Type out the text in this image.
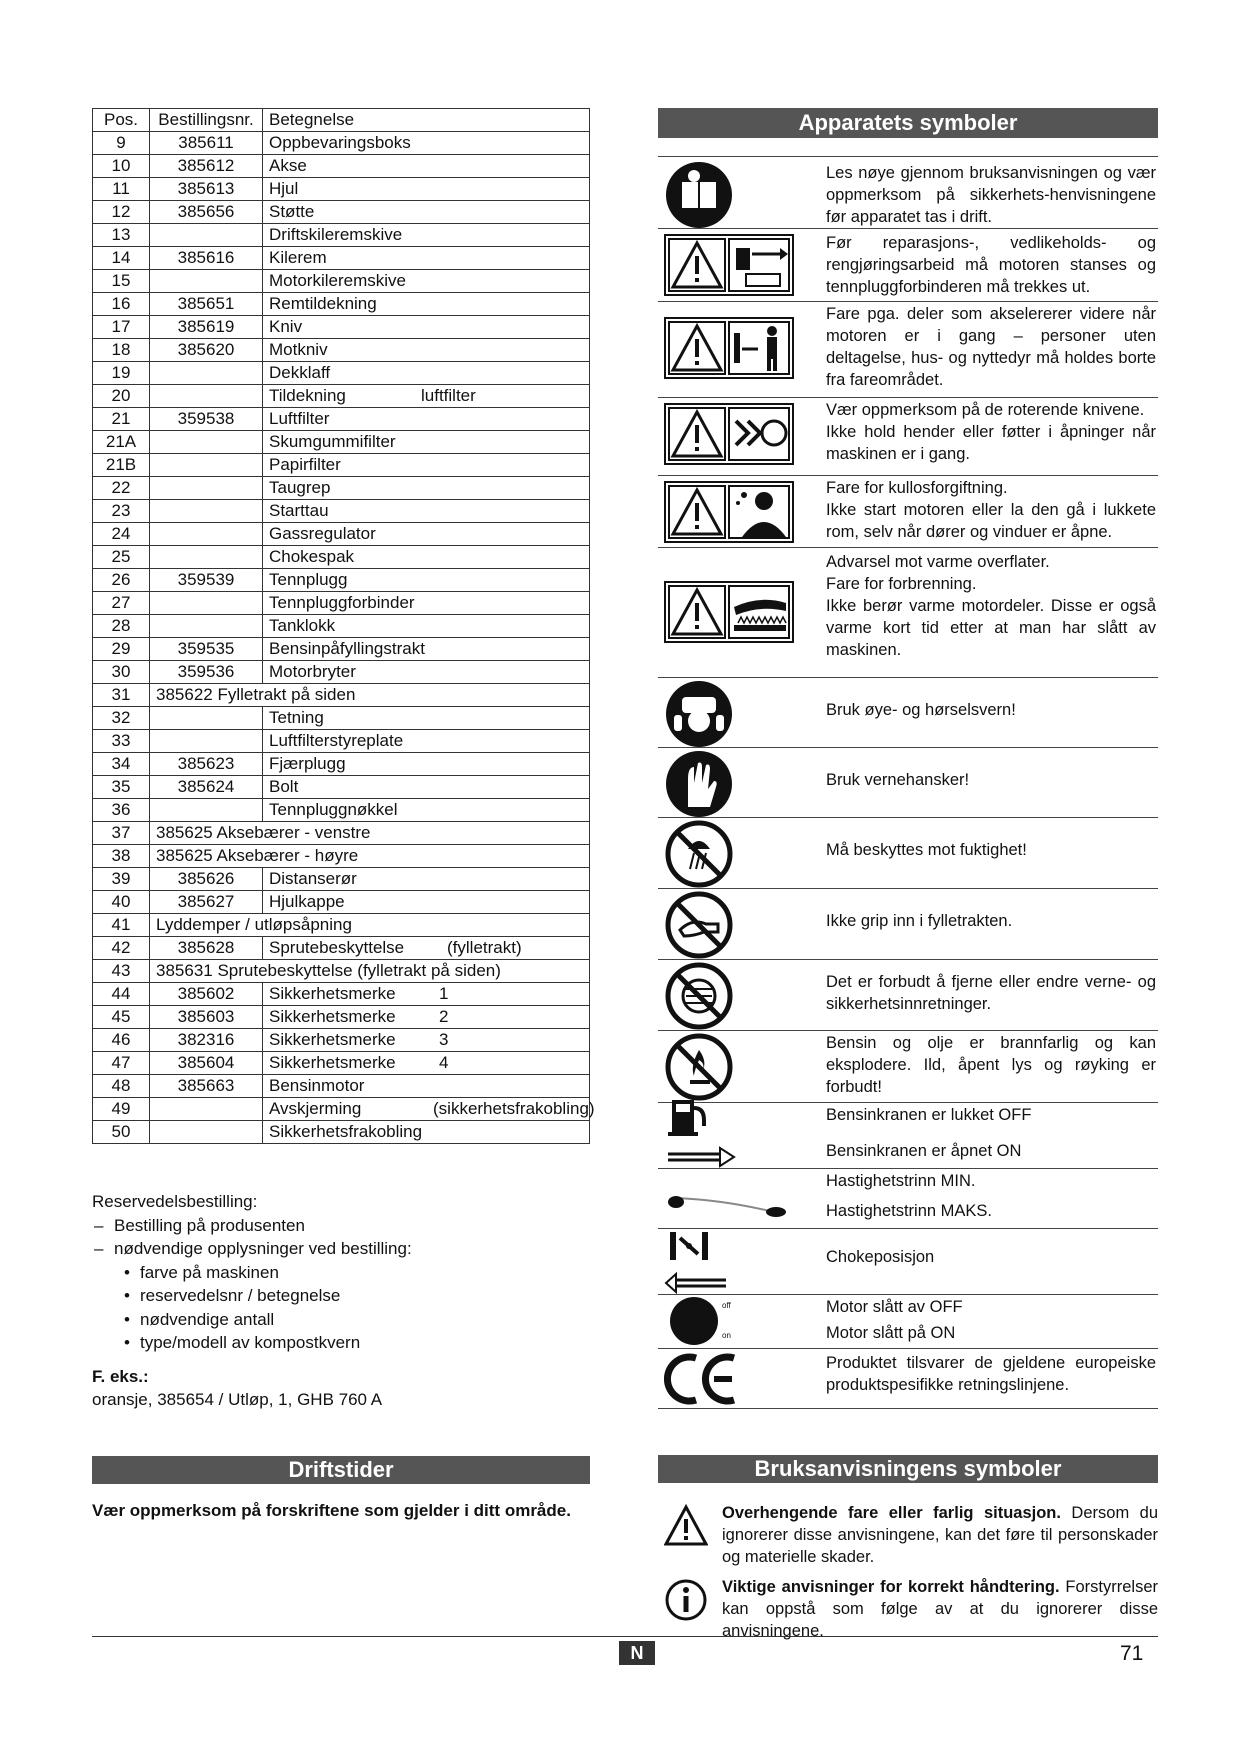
Pos.	Bestillingsnr.	Betegnelse
9	385611	Oppbevaringsboks
10	385612	Akse
11	385613	Hjul
12	385656	Støtte
13		Driftskileremskive
14	385616	Kilerem
15		Motorkileremskive
16	385651	Remtildekning
17	385619	Kniv
18	385620	Motkniv
19		Dekklaff
20		Tildekning luftfilter

21	359538	Luftfilter
21A		Skumgummifilter
21B		Papirfilter
22		Taugrep
23		Starttau
24		Gassregulator
25		Chokespak
26	359539	Tennplugg
27		Tennpluggforbinder
28		Tanklokk
29	359535	Bensinpåfyllingstrakt
30	359536	Motorbryter
31	385622 Fylletrakt på siden	
32		Tetning
33		Luftfilterstyreplate
34	385623	Fjærplugg
35	385624	Bolt
36		Tennpluggnøkkel
37	385625 Aksebærer - venstre	
38	385625 Aksebærer - høyre	
39	385626	Distanserør
40	385627	Hjulkappe
41	Lyddemper / utløpsåpning	
42	385628	Sprutebeskyttelse (fylletrakt)

43	385631 Sprutebeskyttelse (fylletrakt på siden)	
44	385602	Sikkerhetsmerke 1

45	385603	Sikkerhetsmerke 2

46	382316	Sikkerhetsmerke 3

47	385604	Sikkerhetsmerke 4

48	385663	Bensinmotor
49		Avskjerming (sikkerhetsfrakobling)

50		Sikkerhetsfrakobling
Reservedelsbestilling:
– Bestilling på produsenten
– nødvendige opplysninger ved bestilling:
• farve på maskinen
• reservedelsnr / betegnelse
• nødvendige antall
• type/modell av kompostkvern
F. eks.:
oransje, 385654 / Utløp, 1, GHB 760 A
Driftstider
Vær oppmerksom på forskriftene som gjelder i ditt område.
Apparatets symboler

Les nøye gjennom bruksanvisningen og vær oppmerksom på sikkerhets-henvisningene før apparatet tas i drift.

Før reparasjons-, vedlikeholds- og rengjøringsarbeid må motoren stanses og tennpluggforbinderen må trekkes ut.

Fare pga. deler som akselererer videre når motoren er i gang – personer uten deltagelse, hus- og nyttedyr må holdes borte fra fareområdet.

Vær oppmerksom på de roterende knivene.

Ikke hold hender eller føtter i åpninger når maskinen er i gang.

Fare for kullosforgiftning.

Ikke start motoren eller la den gå i lukkete rom, selv når dører og vinduer er åpne.

Advarsel mot varme overflater.

Fare for forbrenning.

Ikke berør varme motordeler. Disse er også varme kort tid etter at man har slått av maskinen.

Bruk øye- og hørselsvern!

Bruk vernehansker!

Må beskyttes mot fuktighet!

Ikke grip inn i fylletrakten.

Det er forbudt å fjerne eller endre verne- og sikkerhetsinnretninger.

Bensin og olje er brannfarlig og kan eksplodere. Ild, åpent lys og røyking er forbudt!

Bensinkranen er lukket OFF

Bensinkranen er åpnet ON

Hastighetstrinn MIN.

Hastighetstrinn MAKS.

Chokeposisjon

off
on

Motor slått av OFF

Motor slått på ON

Produktet tilsvarer de gjeldene europeiske produktspesifikke retningslinjene.

Bruksanvisningens symboler
Overhengende fare eller farlig situasjon. Dersom du ignorerer disse anvisningene, kan det føre til personskader og materielle skader.
Viktige anvisninger for korrekt håndtering. Forstyrrelser kan oppstå som følge av at du ignorerer disse anvisningene.
N	71
